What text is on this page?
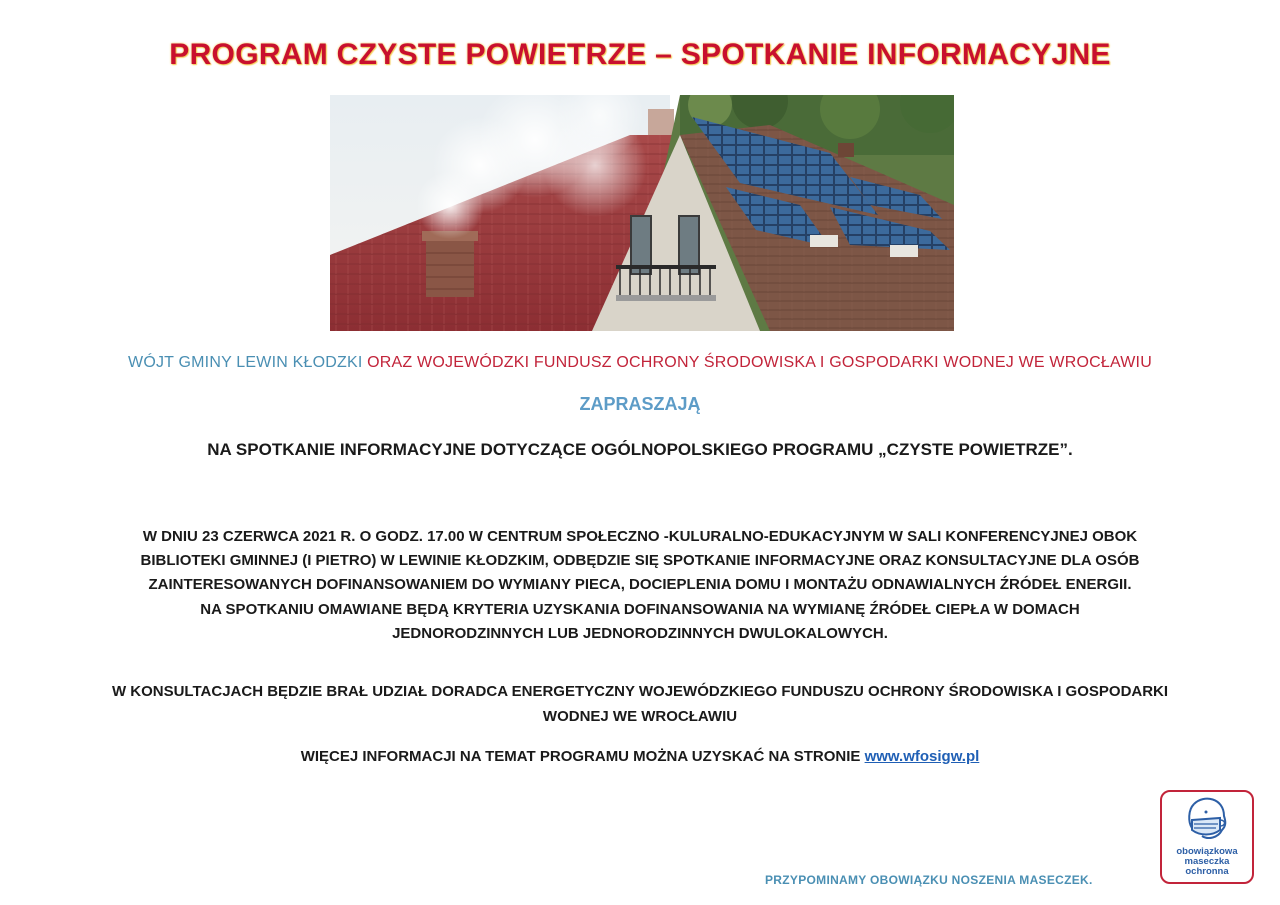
PROGRAM CZYSTE POWIETRZE – SPOTKANIE INFORMACYJNE
WÓJT GMINY LEWIN KŁODZKI ORAZ WOJEWÓDZKI FUNDUSZ OCHRONY ŚRODOWISKA I GOSPODARKI WODNEJ WE WROCŁAWIU
ZAPRASZAJĄ
NA SPOTKANIE INFORMACYJNE DOTYCZĄCE OGÓLNOPOLSKIEGO PROGRAMU „CZYSTE POWIETRZE”.
W DNIU 23 CZERWCA 2021 R. O GODZ. 17.00 W CENTRUM SPOŁECZNO -KULURALNO-EDUKACYJNYM W SALI KONFERENCYJNEJ OBOK
BIBLIOTEKI GMINNEJ (I PIETRO) W LEWINIE KŁODZKIM, ODBĘDZIE SIĘ SPOTKANIE INFORMACYJNE ORAZ KONSULTACYJNE DLA OSÓB
ZAINTERESOWANYCH DOFINANSOWANIEM DO WYMIANY PIECA, DOCIEPLENIA DOMU I MONTAŻU ODNAWIALNYCH ŹRÓDEŁ ENERGII.
NA SPOTKANIU OMAWIANE BĘDĄ KRYTERIA UZYSKANIA DOFINANSOWANIA NA WYMIANĘ ŹRÓDEŁ CIEPŁA W DOMACH
JEDNORODZINNYCH LUB JEDNORODZINNYCH DWULOKALOWYCH.
W KONSULTACJACH BĘDZIE BRAŁ UDZIAŁ DORADCA ENERGETYCZNY WOJEWÓDZKIEGO FUNDUSZU OCHRONY ŚRODOWISKA I GOSPODARKI
WODNEJ WE WROCŁAWIU
WIĘCEJ INFORMACJI NA TEMAT PROGRAMU MOŻNA UZYSKAĆ NA STRONIE www.wfosigw.pl
PRZYPOMINAMY OBOWIĄZKU NOSZENIA MASECZEK.
obowiązkowa
maseczka
ochronna
